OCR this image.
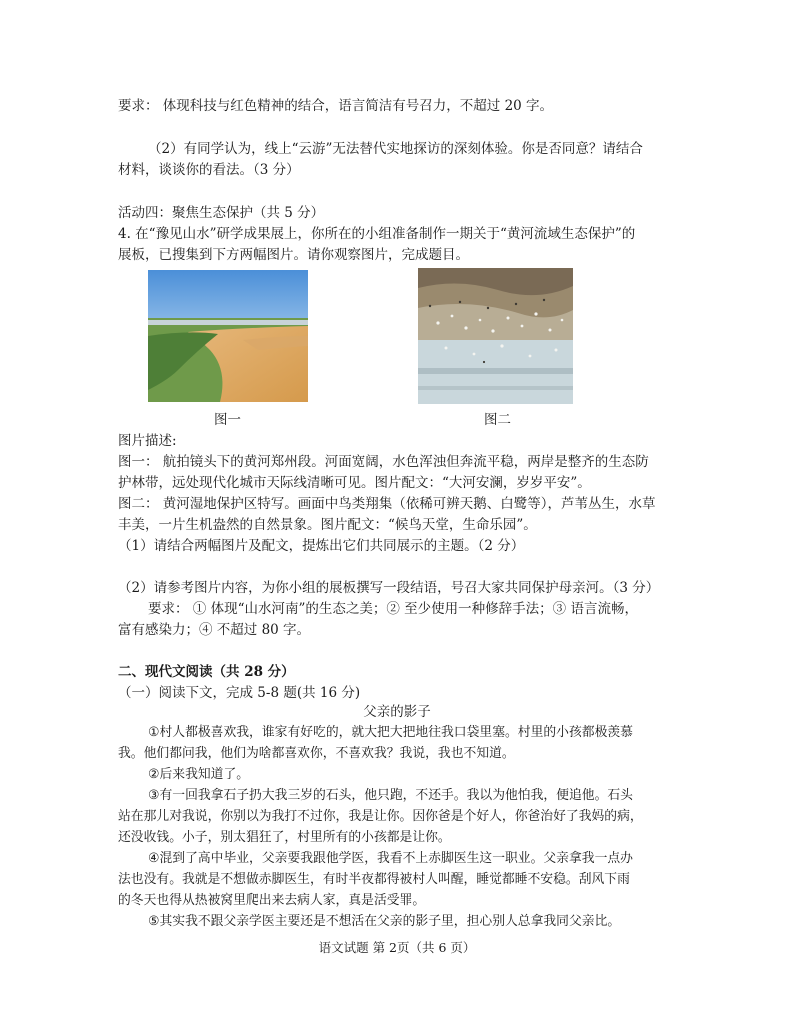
要求： 体现科技与红色精神的结合，语言简洁有号召力，不超过 20 字。
（2）有同学认为，线上“云游”无法替代实地探访的深刻体验。你是否同意？请结合
材料，谈谈你的看法。（3 分）
活动四：聚焦生态保护（共 5 分）
4. 在“豫见山水”研学成果展上，你所在的小组准备制作一期关于“黄河流域生态保护”的
展板，已搜集到下方两幅图片。请你观察图片，完成题目。
图一	图二
图片描述:
图一： 航拍镜头下的黄河郑州段。河面宽阔，水色浑浊但奔流平稳，两岸是整齐的生态防
护林带，远处现代化城市天际线清晰可见。图片配文：“大河安澜，岁岁平安”。
图二： 黄河湿地保护区特写。画面中鸟类翔集（依稀可辨天鹅、白鹭等），芦苇丛生，水草
丰美，一片生机盎然的自然景象。图片配文：“候鸟天堂，生命乐园”。
（1）请结合两幅图片及配文，提炼出它们共同展示的主题。（2 分）
（2）请参考图片内容，为你小组的展板撰写一段结语，号召大家共同保护母亲河。（3 分）
要求： ① 体现“山水河南”的生态之美；② 至少使用一种修辞手法；③ 语言流畅，
富有感染力；④ 不超过 80 字。
二、现代文阅读（共 28 分）
（一）阅读下文，完成 5-8 题(共 16 分)
父亲的影子
①村人都极喜欢我，谁家有好吃的，就大把大把地往我口袋里塞。村里的小孩都极羡慕
我。他们都问我，他们为啥都喜欢你，不喜欢我？我说，我也不知道。
②后来我知道了。
③有一回我拿石子扔大我三岁的石头，他只跑，不还手。我以为他怕我，便追他。石头
站在那儿对我说，你别以为我打不过你，我是让你。因你爸是个好人，你爸治好了我妈的病，
还没收钱。小子，别太猖狂了，村里所有的小孩都是让你。
④混到了高中毕业，父亲要我跟他学医，我看不上赤脚医生这一职业。父亲拿我一点办
法也没有。我就是不想做赤脚医生，有时半夜都得被村人叫醒，睡觉都睡不安稳。刮风下雨
的冬天也得从热被窝里爬出来去病人家，真是活受罪。
⑤其实我不跟父亲学医主要还是不想活在父亲的影子里，担心别人总拿我同父亲比。
语文试题 第 2页（共 6 页）
